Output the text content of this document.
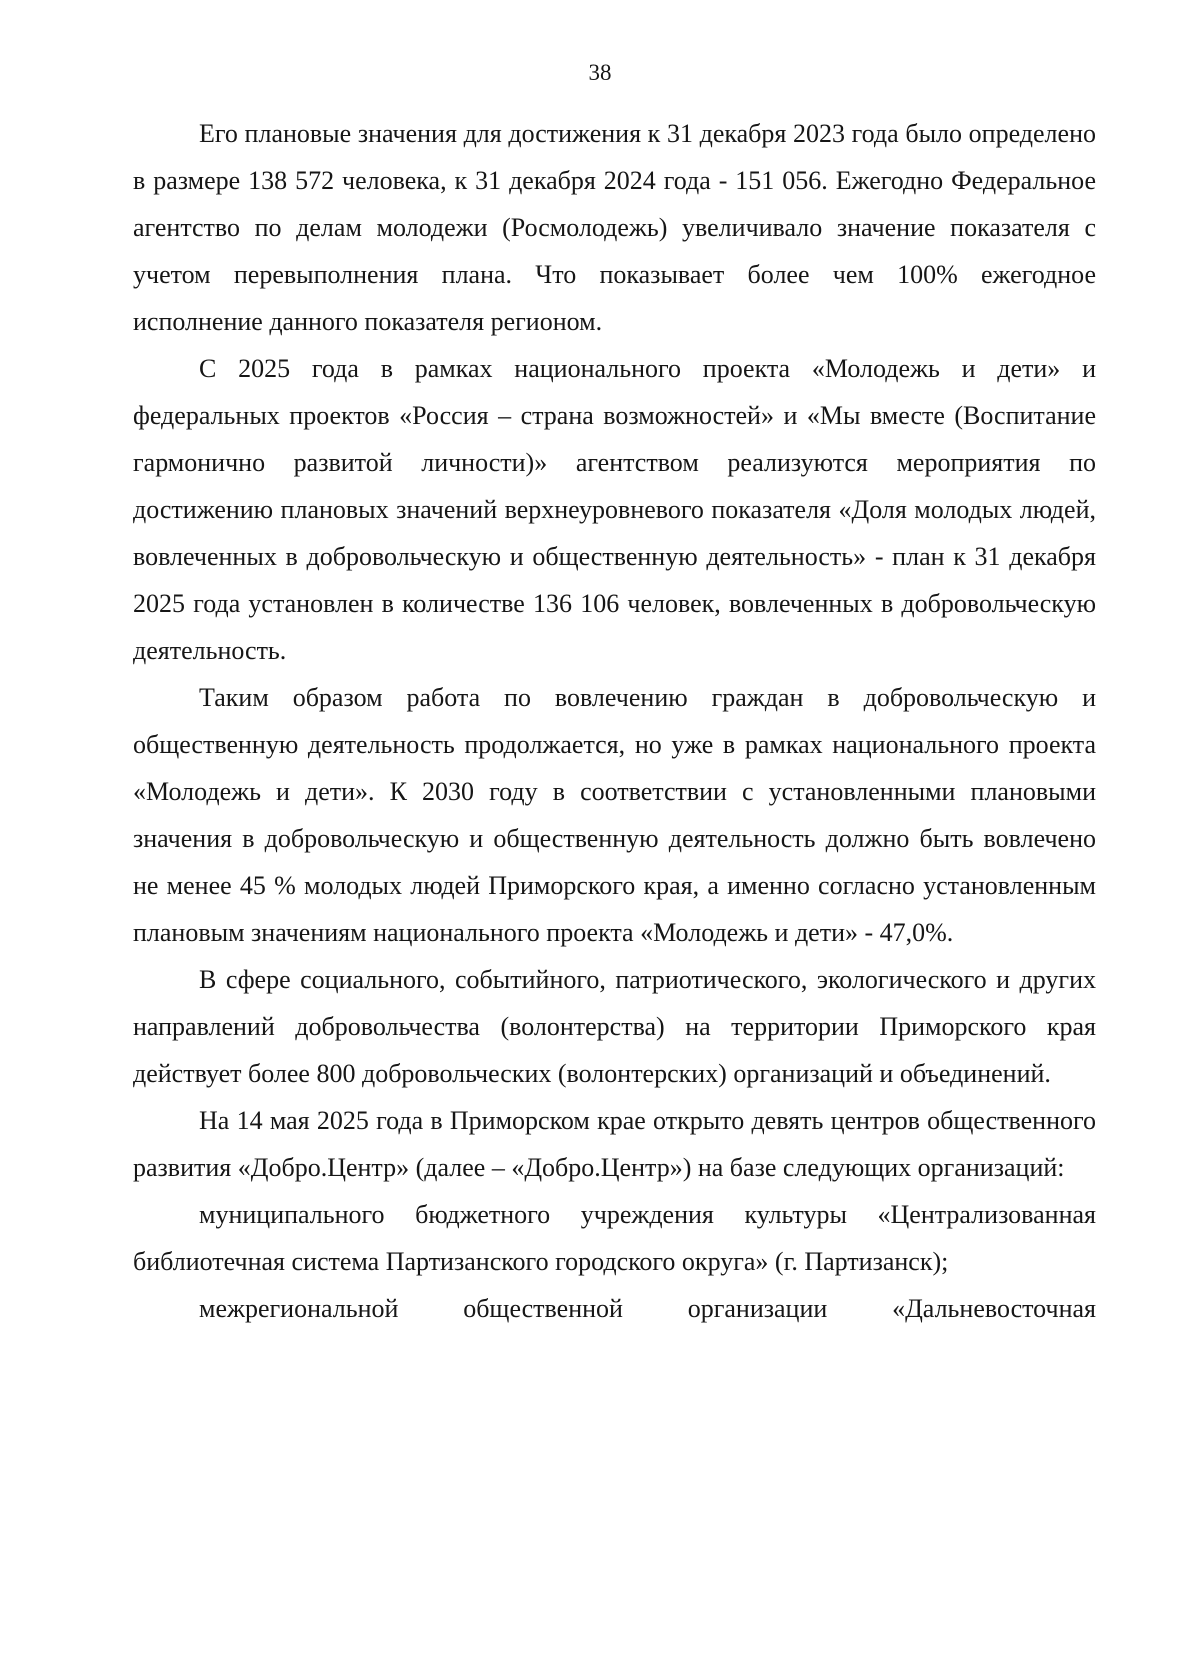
38

Его плановые значения для достижения к 31 декабря 2023 года было определено в размере 138 572 человека, к 31 декабря 2024 года - 151 056. Ежегодно Федеральное агентство по делам молодежи (Росмолодежь) увеличивало значение показателя с учетом перевыполнения плана. Что показывает более чем 100% ежегодное исполнение данного показателя регионом.

С 2025 года в рамках национального проекта «Молодежь и дети» и федеральных проектов «Россия – страна возможностей» и «Мы вместе (Воспитание гармонично развитой личности)» агентством реализуются мероприятия по достижению плановых значений верхнеуровневого показателя «Доля молодых людей, вовлеченных в добровольческую и общественную деятельность» - план к 31 декабря 2025 года установлен в количестве 136 106 человек, вовлеченных в добровольческую деятельность.

Таким образом работа по вовлечению граждан в добровольческую и общественную деятельность продолжается, но уже в рамках национального проекта «Молодежь и дети». К 2030 году в соответствии с установленными плановыми значения в добровольческую и общественную деятельность должно быть вовлечено не менее 45 % молодых людей Приморского края, а именно согласно установленным плановым значениям национального проекта «Молодежь и дети» - 47,0%.

В сфере социального, событийного, патриотического, экологического и других направлений добровольчества (волонтерства) на территории Приморского края действует более 800 добровольческих (волонтерских) организаций и объединений.

На 14 мая 2025 года в Приморском крае открыто девять центров общественного развития «Добро.Центр» (далее – «Добро.Центр») на базе следующих организаций:

муниципального бюджетного учреждения культуры «Централизованная библиотечная система Партизанского городского округа» (г. Партизанск);

межрегиональной общественной организации «Дальневосточная
